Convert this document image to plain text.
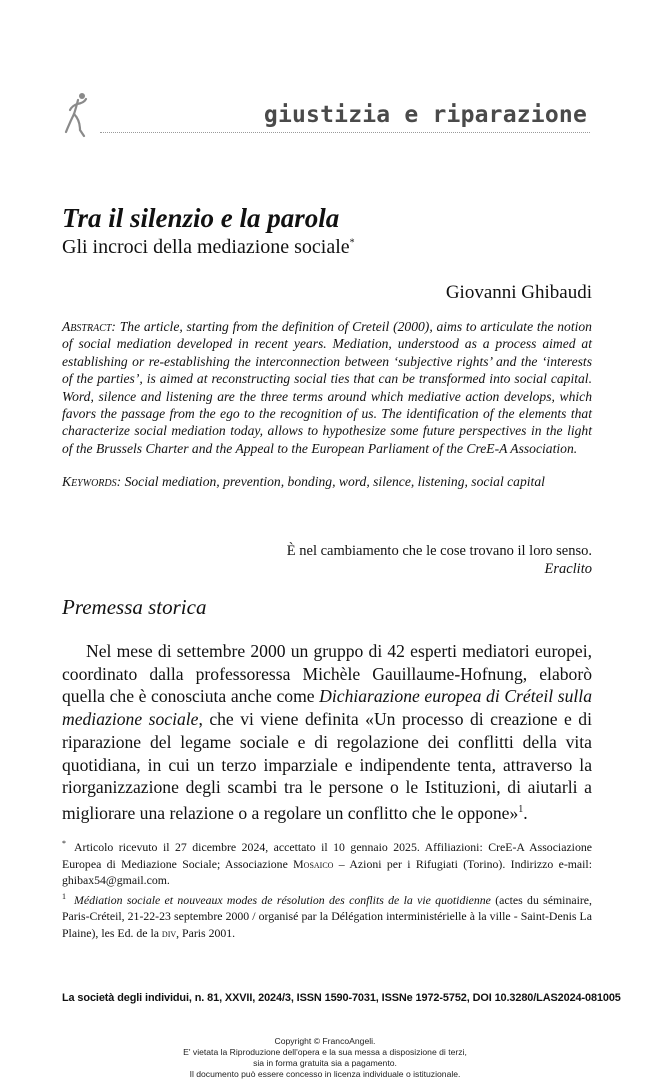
giustizia e riparazione
Tra il silenzio e la parola
Gli incroci della mediazione sociale*
Giovanni Ghibaudi

Abstract: The article, starting from the definition of Creteil (2000), aims to articulate the notion of social mediation developed in recent years. Mediation, understood as a process aimed at establishing or re-establishing the interconnection between ‘subjective rights’ and the ‘interests of the parties’, is aimed at reconstructing social ties that can be transformed into social capital. Word, silence and listening are the three terms around which mediative action develops, which favors the passage from the ego to the recognition of us. The identification of the elements that characterize social mediation today, allows to hypothesize some future perspectives in the light of the Brussels Charter and the Appeal to the European Parliament of the CreE-A Association.

Keywords: Social mediation, prevention, bonding, word, silence, listening, social capital

È nel cambiamento che le cose trovano il loro senso.
Eraclito
Premessa storica

Nel mese di settembre 2000 un gruppo di 42 esperti mediatori europei, coordinato dalla professoressa Michèle Gauillaume-Hofnung, elaborò quella che è conosciuta anche come Dichiarazione europea di Créteil sulla mediazione sociale, che vi viene definita «Un processo di creazione e di riparazione del legame sociale e di regolazione dei conflitti della vita quotidiana, in cui un terzo imparziale e indipendente tenta, attraverso la riorganizzazione degli scambi tra le persone o le Istituzioni, di aiutarli a migliorare una relazione o a regolare un conflitto che le oppone»$^1$.

* Articolo ricevuto il 27 dicembre 2024, accettato il 10 gennaio 2025. Affiliazioni: CreE-A Associazione Europea di Mediazione Sociale; Associazione Mosaico – Azioni per i Rifugiati (Torino). Indirizzo e-mail: ghibax54@gmail.com.

$^1$ Médiation sociale et nouveaux modes de résolution des conflits de la vie quotidienne (actes du séminaire, Paris-Créteil, 21-22-23 septembre 2000 / organisé par la Délégation interministérielle à la ville - Saint-Denis La Plaine), les Ed. de la div, Paris 2001.

La società degli individui, n. 81, XXVII, 2024/3, ISSN 1590-7031, ISSNe 1972-5752, DOI 10.3280/LAS2024-081005
Copyright © FrancoAngeli.
E' vietata la Riproduzione dell'opera e la sua messa a disposizione di terzi,
sia in forma gratuita sia a pagamento.
Il documento può essere concesso in licenza individuale o istituzionale.
